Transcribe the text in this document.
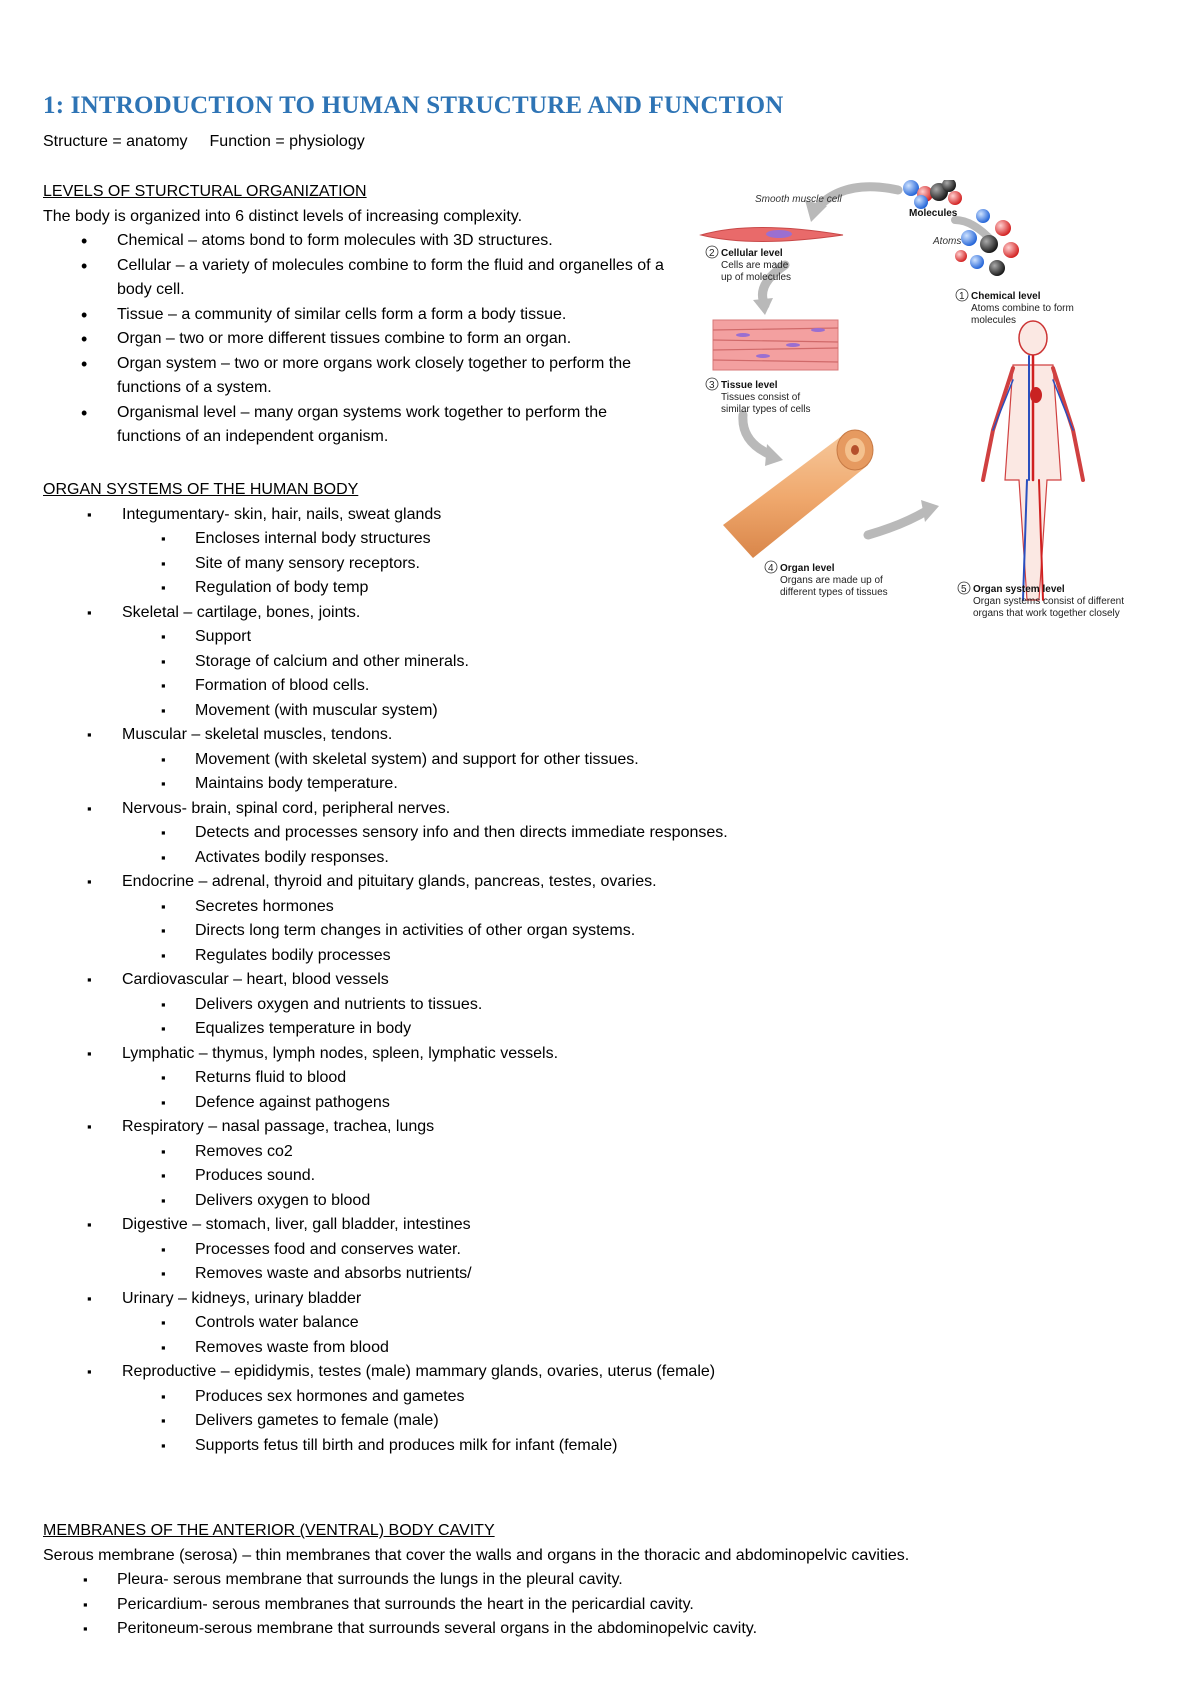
1: INTRODUCTION TO HUMAN STRUCTURE AND FUNCTION
Structure = anatomy Function = physiology
LEVELS OF STURCTURAL ORGANIZATION
The body is organized into 6 distinct levels of increasing complexity.
• Chemical – atoms bond to form molecules with 3D structures.
• Cellular – a variety of molecules combine to form the fluid and organelles of a body cell.
• Tissue – a community of similar cells form a form a body tissue.
• Organ – two or more different tissues combine to form an organ.
• Organ system – two or more organs work closely together to perform the functions of a system.
• Organismal level – many organ systems work together to perform the functions of an independent organism.
Smooth muscle cell
Molecules
Atoms
2 Cellular level
Cells are made
up of molecules
1 Chemical level
Atoms combine to form
molecules
3 Tissue level
Tissues consist of
similar types of cells
4 Organ level
Organs are made up of
different types of tissues	5 Organ system level
Organ systems consist of different
organs that work together closely
ORGAN SYSTEMS OF THE HUMAN BODY
▪ Integumentary- skin, hair, nails, sweat glands
▪ Encloses internal body structures
▪ Site of many sensory receptors.
▪ Regulation of body temp
▪ Skeletal – cartilage, bones, joints.
▪ Support
▪ Storage of calcium and other minerals.
▪ Formation of blood cells.
▪ Movement (with muscular system)
▪ Muscular – skeletal muscles, tendons.
▪ Movement (with skeletal system) and support for other tissues.
▪ Maintains body temperature.
▪ Nervous- brain, spinal cord, peripheral nerves.
▪ Detects and processes sensory info and then directs immediate responses.
▪ Activates bodily responses.
▪ Endocrine – adrenal, thyroid and pituitary glands, pancreas, testes, ovaries.
▪ Secretes hormones
▪ Directs long term changes in activities of other organ systems.
▪ Regulates bodily processes
▪ Cardiovascular – heart, blood vessels
▪ Delivers oxygen and nutrients to tissues.
▪ Equalizes temperature in body
▪ Lymphatic – thymus, lymph nodes, spleen, lymphatic vessels.
▪ Returns fluid to blood
▪ Defence against pathogens
▪ Respiratory – nasal passage, trachea, lungs
▪ Removes co2
▪ Produces sound.
▪ Delivers oxygen to blood
▪ Digestive – stomach, liver, gall bladder, intestines
▪ Processes food and conserves water.
▪ Removes waste and absorbs nutrients/
▪ Urinary – kidneys, urinary bladder
▪ Controls water balance
▪ Removes waste from blood
▪ Reproductive – epididymis, testes (male) mammary glands, ovaries, uterus (female)
▪ Produces sex hormones and gametes
▪ Delivers gametes to female (male)
▪ Supports fetus till birth and produces milk for infant (female)
MEMBRANES OF THE ANTERIOR (VENTRAL) BODY CAVITY
Serous membrane (serosa) – thin membranes that cover the walls and organs in the thoracic and abdominopelvic cavities.
▪ Pleura- serous membrane that surrounds the lungs in the pleural cavity.
▪ Pericardium- serous membranes that surrounds the heart in the pericardial cavity.
▪ Peritoneum-serous membrane that surrounds several organs in the abdominopelvic cavity.
